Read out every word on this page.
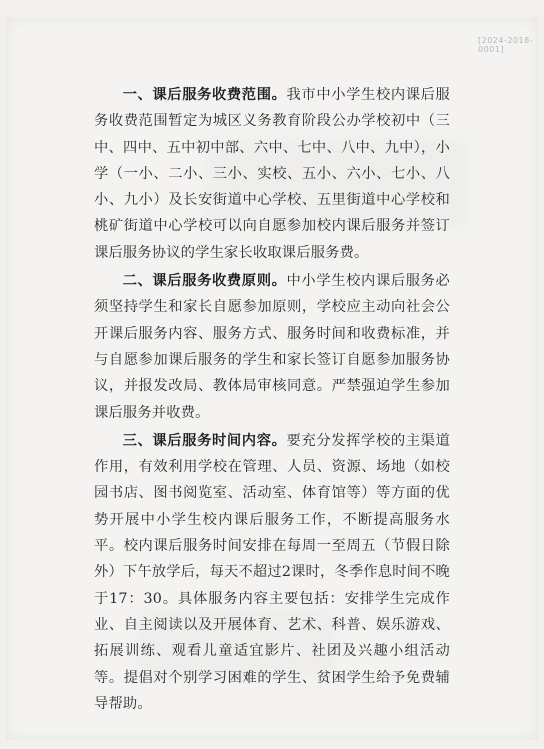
[2024-2018-0001]

一、课后服务收费范围。我市中小学生校内课后服务收费范围暂定为城区义务教育阶段公办学校初中（三中、四中、五中初中部、六中、七中、八中、九中），小学（一小、二小、三小、实校、五小、六小、七小、八小、九小）及长安街道中心学校、五里街道中心学校和桃矿街道中心学校可以向自愿参加校内课后服务并签订课后服务协议的学生家长收取课后服务费。

二、课后服务收费原则。中小学生校内课后服务必须坚持学生和家长自愿参加原则，学校应主动向社会公开课后服务内容、服务方式、服务时间和收费标准，并与自愿参加课后服务的学生和家长签订自愿参加服务协议，并报发改局、教体局审核同意。严禁强迫学生参加课后服务并收费。

三、课后服务时间内容。要充分发挥学校的主渠道作用，有效利用学校在管理、人员、资源、场地（如校园书店、图书阅览室、活动室、体育馆等）等方面的优势开展中小学生校内课后服务工作，不断提高服务水平。校内课后服务时间安排在每周一至周五（节假日除外）下午放学后，每天不超过2课时，冬季作息时间不晚于17：30。具体服务内容主要包括：安排学生完成作业、自主阅读以及开展体育、艺术、科普、娱乐游戏、拓展训练、观看儿童适宜影片、社团及兴趣小组活动等。提倡对个别学习困难的学生、贫困学生给予免费辅导帮助。
